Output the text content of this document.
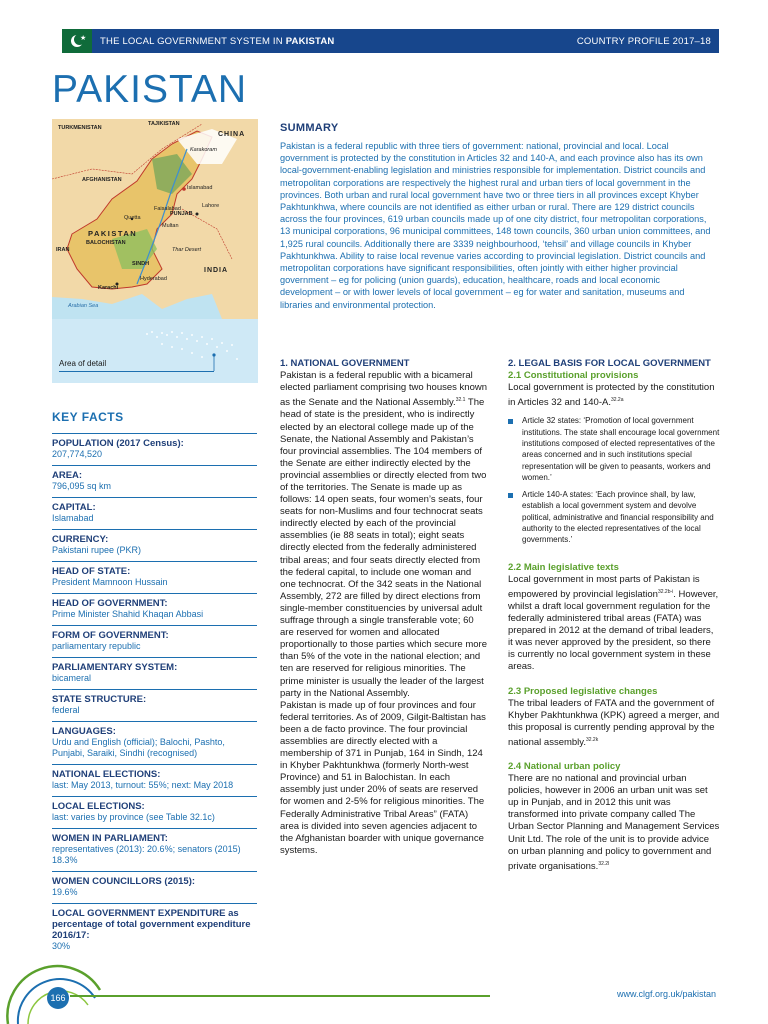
★ THE LOCAL GOVERNMENT SYSTEM IN PAKISTAN	COUNTRY PROFILE 2017–18
PAKISTAN
TURKMENISTAN
TAJIKISTAN
CHINA
Karakoram
AFGHANISTAN
Islamabad
Faisalabad	Lahore
Quetta
PUNJAB
Multan
PAKISTAN
BALOCHISTAN
IRAN	Thar Desert
SINDH
INDIA
Hyderabad
Karachi
Arabian Sea
Area of detail
KEY FACTS
POPULATION (2017 Census):
207,774,520
AREA:
796,095 sq km
CAPITAL:
Islamabad
CURRENCY:
Pakistani rupee (PKR)
HEAD OF STATE:
President Mamnoon Hussain
HEAD OF GOVERNMENT:
Prime Minister Shahid Khaqan Abbasi
FORM OF GOVERNMENT:
parliamentary republic
PARLIAMENTARY SYSTEM:
bicameral
STATE STRUCTURE:
federal
LANGUAGES:
Urdu and English (official); Balochi, Pashto, Punjabi, Saraiki, Sindhi (recognised)
NATIONAL ELECTIONS:
last: May 2013, turnout: 55%; next: May 2018
LOCAL ELECTIONS:
last: varies by province (see Table 32.1c)
WOMEN IN PARLIAMENT:
representatives (2013): 20.6%; senators (2015) 18.3%
WOMEN COUNCILLORS (2015):
19.6%
LOCAL GOVERNMENT EXPENDITURE as percentage of total government expenditure 2016/17:
30%
SUMMARY

Pakistan is a federal republic with three tiers of government: national, provincial and local. Local government is protected by the constitution in Articles 32 and 140-A, and each province also has its own local-government-enabling legislation and ministries responsible for implementation. District councils and metropolitan corporations are respectively the highest rural and urban tiers of local government in the provinces. Both urban and rural local government have two or three tiers in all provinces except Khyber Pakhtunkhwa, where councils are not identified as either urban or rural. There are 129 district councils across the four provinces, 619 urban councils made up of one city district, four metropolitan corporations, 13 municipal corporations, 96 municipal committees, 148 town councils, 360 urban union committees, and 1,925 rural councils. Additionally there are 3339 neighbourhood, ‘tehsil’ and village councils in Khyber Pakhtunkhwa. Ability to raise local revenue varies according to provincial legislation. District councils and metropolitan corporations have significant responsibilities, often jointly with either higher provincial government – eg for policing (union guards), education, healthcare, roads and local economic development – or with lower levels of local government – eg for water and sanitation, museums and libraries and environmental protection.

1. NATIONAL GOVERNMENT

Pakistan is a federal republic with a bicameral elected parliament comprising two houses known as the Senate and the National Assembly.$^{32.1}$ The head of state is the president, who is indirectly elected by an electoral college made up of the Senate, the National Assembly and Pakistan’s four provincial assemblies. The 104 members of the Senate are either indirectly elected by the provincial assemblies or directly elected from two of the territories. The Senate is made up as follows: 14 open seats, four women’s seats, four seats for non-Muslims and four technocrat seats indirectly elected by each of the provincial assemblies (ie 88 seats in total); eight seats directly elected from the federally administered tribal areas; and four seats directly elected from the federal capital, to include one woman and one technocrat. Of the 342 seats in the National Assembly, 272 are filled by direct elections from single-member constituencies by universal adult suffrage through a single transferable vote; 60 are reserved for women and allocated proportionally to those parties which secure more than 5% of the vote in the national election; and ten are reserved for religious minorities. The prime minister is usually the leader of the largest party in the National Assembly.

Pakistan is made up of four provinces and four federal territories. As of 2009, Gilgit-Baltistan has been a de facto province. The four provincial assemblies are directly elected with a membership of 371 in Punjab, 164 in Sindh, 124 in Khyber Pakhtunkhwa (formerly North-west Province) and 51 in Balochistan. In each assembly just under 20% of seats are reserved for women and 2-5% for religious minorities. The Federally Administrative Tribal Areas” (FATA) area is divided into seven agencies adjacent to the Afghanistan boarder with unique governance systems.

2. LEGAL BASIS FOR LOCAL GOVERNMENT
2.1 Constitutional provisions

Local government is protected by the constitution in Articles 32 and 140-A.$^{32.2a}$

Article 32 states: ‘Promotion of local government institutions. The state shall encourage local government institutions composed of elected representatives of the areas concerned and in such institutions special representation will be given to peasants, workers and women.’
Article 140-A states: ‘Each province shall, by law, establish a local government system and devolve political, administrative and financial responsibility and authority to the elected representatives of the local governments.’
2.2 Main legislative texts

Local government in most parts of Pakistan is empowered by provincial legislation$^{32.2b-i}$. However, whilst a draft local government regulation for the federally administered tribal areas (FATA) was prepared in 2012 at the demand of tribal leaders, it was never approved by the president, so there is currently no local government system in these areas.

2.3 Proposed legislative changes

The tribal leaders of FATA and the government of Khyber Pakhtunkhwa (KPK) agreed a merger, and this proposal is currently pending approval by the national assembly.$^{32.2k}$

2.4 National urban policy

There are no national and provincial urban policies, however in 2006 an urban unit was set up in Punjab, and in 2012 this unit was transformed into private company called The Urban Sector Planning and Management Services Unit Ltd. The role of the unit is to provide advice on urban planning and policy to government and private organisations.$^{32.2l}$

166	www.clgf.org.uk/pakistan
